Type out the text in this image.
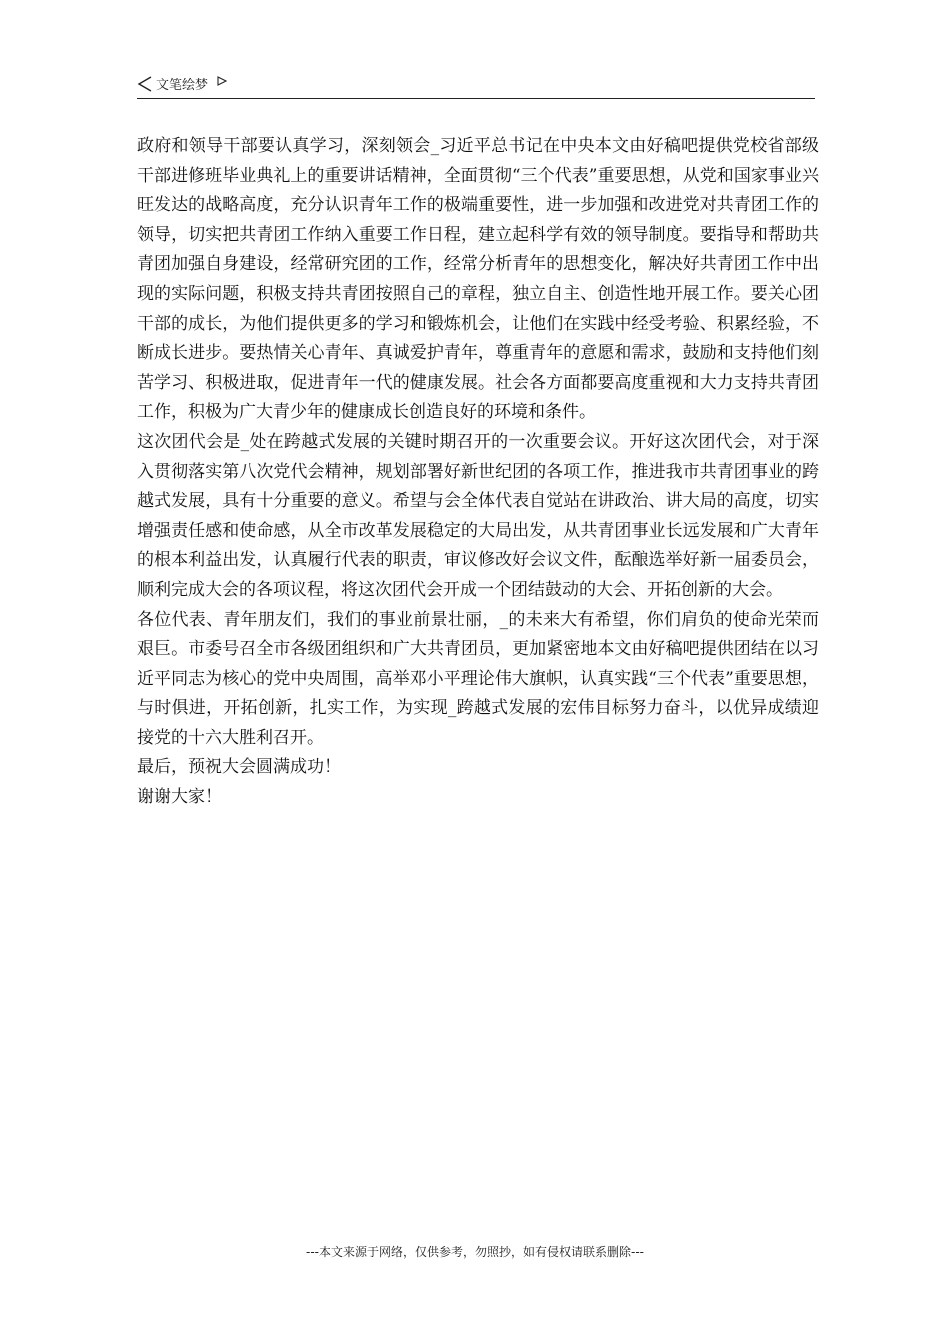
文笔绘梦

政府和领导干部要认真学习，深刻领会_习近平总书记在中央本文由好稿吧提供党校省部级干部进修班毕业典礼上的重要讲话精神，全面贯彻“三个代表”重要思想，从党和国家事业兴旺发达的战略高度，充分认识青年工作的极端重要性，进一步加强和改进党对共青团工作的领导，切实把共青团工作纳入重要工作日程，建立起科学有效的领导制度。要指导和帮助共青团加强自身建设，经常研究团的工作，经常分析青年的思想变化，解决好共青团工作中出现的实际问题，积极支持共青团按照自己的章程，独立自主、创造性地开展工作。要关心团干部的成长，为他们提供更多的学习和锻炼机会，让他们在实践中经受考验、积累经验，不断成长进步。要热情关心青年、真诚爱护青年，尊重青年的意愿和需求，鼓励和支持他们刻苦学习、积极进取，促进青年一代的健康发展。社会各方面都要高度重视和大力支持共青团工作，积极为广大青少年的健康成长创造良好的环境和条件。

这次团代会是_处在跨越式发展的关键时期召开的一次重要会议。开好这次团代会，对于深入贯彻落实第八次党代会精神，规划部署好新世纪团的各项工作，推进我市共青团事业的跨越式发展，具有十分重要的意义。希望与会全体代表自觉站在讲政治、讲大局的高度，切实增强责任感和使命感，从全市改革发展稳定的大局出发，从共青团事业长远发展和广大青年的根本利益出发，认真履行代表的职责，审议修改好会议文件，酝酿选举好新一届委员会，顺利完成大会的各项议程，将这次团代会开成一个团结鼓动的大会、开拓创新的大会。

各位代表、青年朋友们，我们的事业前景壮丽，_的未来大有希望，你们肩负的使命光荣而艰巨。市委号召全市各级团组织和广大共青团员，更加紧密地本文由好稿吧提供团结在以习近平同志为核心的党中央周围，高举邓小平理论伟大旗帜，认真实践“三个代表”重要思想，与时俱进，开拓创新，扎实工作，为实现_跨越式发展的宏伟目标努力奋斗，以优异成绩迎接党的十六大胜利召开。

最后，预祝大会圆满成功！

谢谢大家！

---本文来源于网络，仅供参考，勿照抄，如有侵权请联系删除---
